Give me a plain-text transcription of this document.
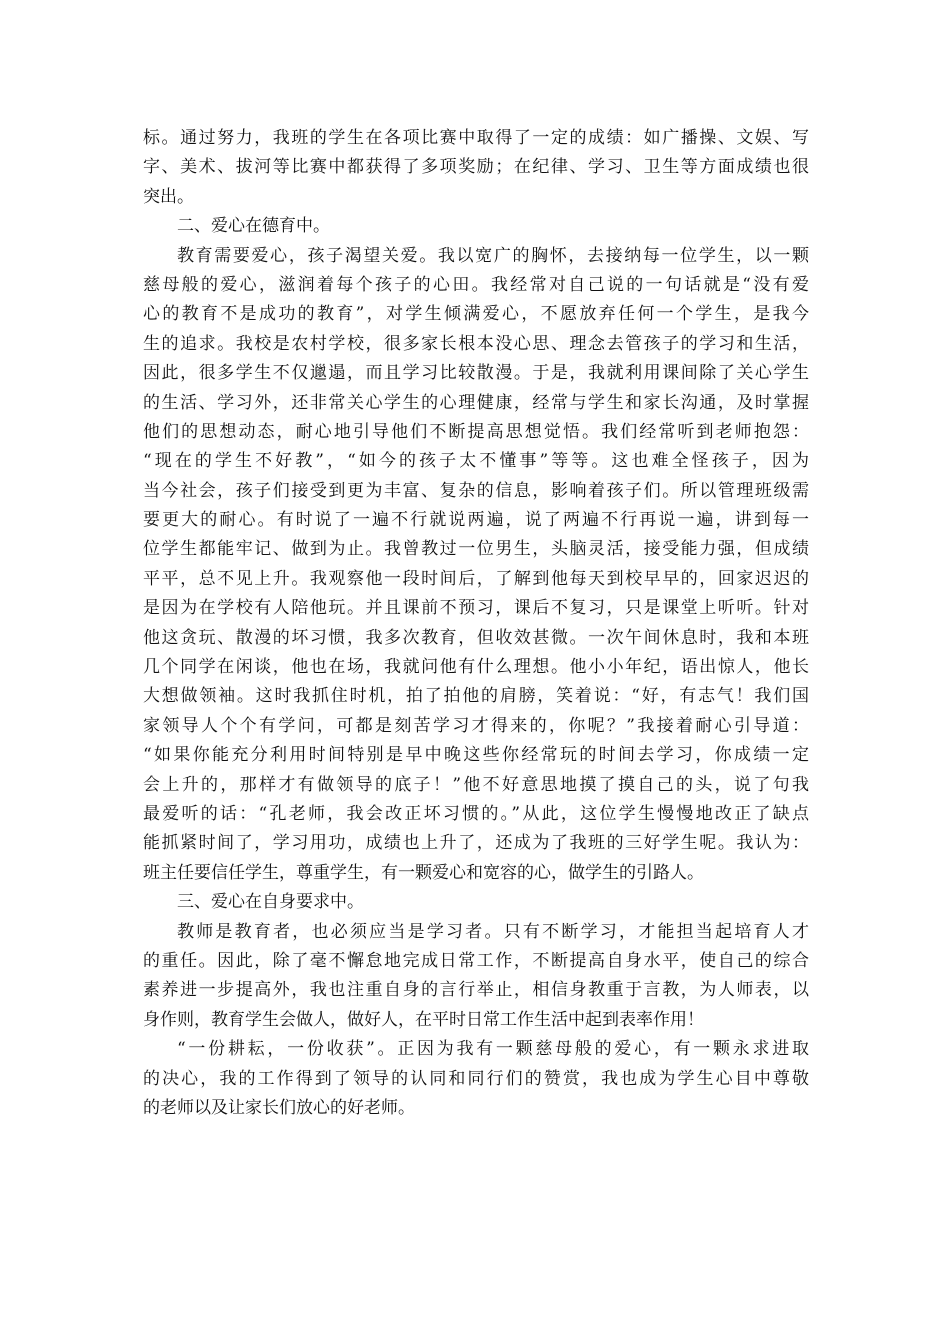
标。通过努力，我班的学生在各项比赛中取得了一定的成绩：如广播操、文娱、写
字、美术、拔河等比赛中都获得了多项奖励；在纪律、学习、卫生等方面成绩也很
突出。
二、爱心在德育中。
教育需要爱心，孩子渴望关爱。我以宽广的胸怀，去接纳每一位学生，以一颗
慈母般的爱心，滋润着每个孩子的心田。我经常对自己说的一句话就是“没有爱
心的教育不是成功的教育”，对学生倾满爱心，不愿放弃任何一个学生，是我今
生的追求。我校是农村学校，很多家长根本没心思、理念去管孩子的学习和生活，
因此，很多学生不仅邋遢，而且学习比较散漫。于是，我就利用课间除了关心学生
的生活、学习外，还非常关心学生的心理健康，经常与学生和家长沟通，及时掌握
他们的思想动态，耐心地引导他们不断提高思想觉悟。我们经常听到老师抱怨：
“现在的学生不好教”，“如今的孩子太不懂事”等等。这也难全怪孩子，因为
当今社会，孩子们接受到更为丰富、复杂的信息，影响着孩子们。所以管理班级需
要更大的耐心。有时说了一遍不行就说两遍，说了两遍不行再说一遍，讲到每一
位学生都能牢记、做到为止。我曾教过一位男生，头脑灵活，接受能力强，但成绩
平平，总不见上升。我观察他一段时间后，了解到他每天到校早早的，回家迟迟的
是因为在学校有人陪他玩。并且课前不预习，课后不复习，只是课堂上听听。针对
他这贪玩、散漫的坏习惯，我多次教育，但收效甚微。一次午间休息时，我和本班
几个同学在闲谈，他也在场，我就问他有什么理想。他小小年纪，语出惊人，他长
大想做领袖。这时我抓住时机，拍了拍他的肩膀，笑着说：“好，有志气！我们国
家领导人个个有学问，可都是刻苦学习才得来的，你呢？”我接着耐心引导道：
“如果你能充分利用时间特别是早中晚这些你经常玩的时间去学习，你成绩一定
会上升的，那样才有做领导的底子！”他不好意思地摸了摸自己的头，说了句我
最爱听的话：“孔老师，我会改正坏习惯的。”从此，这位学生慢慢地改正了缺点
能抓紧时间了，学习用功，成绩也上升了，还成为了我班的三好学生呢。我认为：
班主任要信任学生，尊重学生，有一颗爱心和宽容的心，做学生的引路人。
三、爱心在自身要求中。
教师是教育者，也必须应当是学习者。只有不断学习，才能担当起培育人才
的重任。因此，除了毫不懈怠地完成日常工作，不断提高自身水平，使自己的综合
素养进一步提高外，我也注重自身的言行举止，相信身教重于言教，为人师表，以
身作则，教育学生会做人，做好人，在平时日常工作生活中起到表率作用！
“一份耕耘，一份收获”。正因为我有一颗慈母般的爱心，有一颗永求进取
的决心，我的工作得到了领导的认同和同行们的赞赏，我也成为学生心目中尊敬
的老师以及让家长们放心的好老师。
